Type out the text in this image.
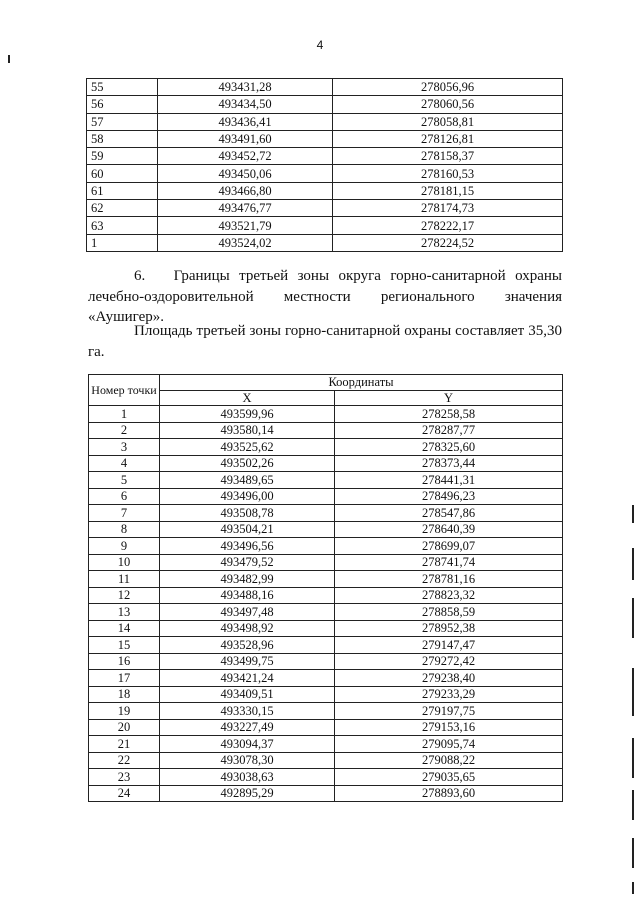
4
55	493431,28	278056,96
56	493434,50	278060,56
57	493436,41	278058,81
58	493491,60	278126,81
59	493452,72	278158,37
60	493450,06	278160,53
61	493466,80	278181,15
62	493476,77	278174,73
63	493521,79	278222,17
1	493524,02	278224,52
6. Границы третьей зоны округа горно-санитарной охраны лечебно-оздоровительной местности регионального значения «Аушигер».
Площадь третьей зоны горно-санитарной охраны составляет 35,30 га.
Номер точки	Координаты	
	X	Y
1	493599,96	278258,58
2	493580,14	278287,77
3	493525,62	278325,60
4	493502,26	278373,44
5	493489,65	278441,31
6	493496,00	278496,23
7	493508,78	278547,86
8	493504,21	278640,39
9	493496,56	278699,07
10	493479,52	278741,74
11	493482,99	278781,16
12	493488,16	278823,32
13	493497,48	278858,59
14	493498,92	278952,38
15	493528,96	279147,47
16	493499,75	279272,42
17	493421,24	279238,40
18	493409,51	279233,29
19	493330,15	279197,75
20	493227,49	279153,16
21	493094,37	279095,74
22	493078,30	279088,22
23	493038,63	279035,65
24	492895,29	278893,60
